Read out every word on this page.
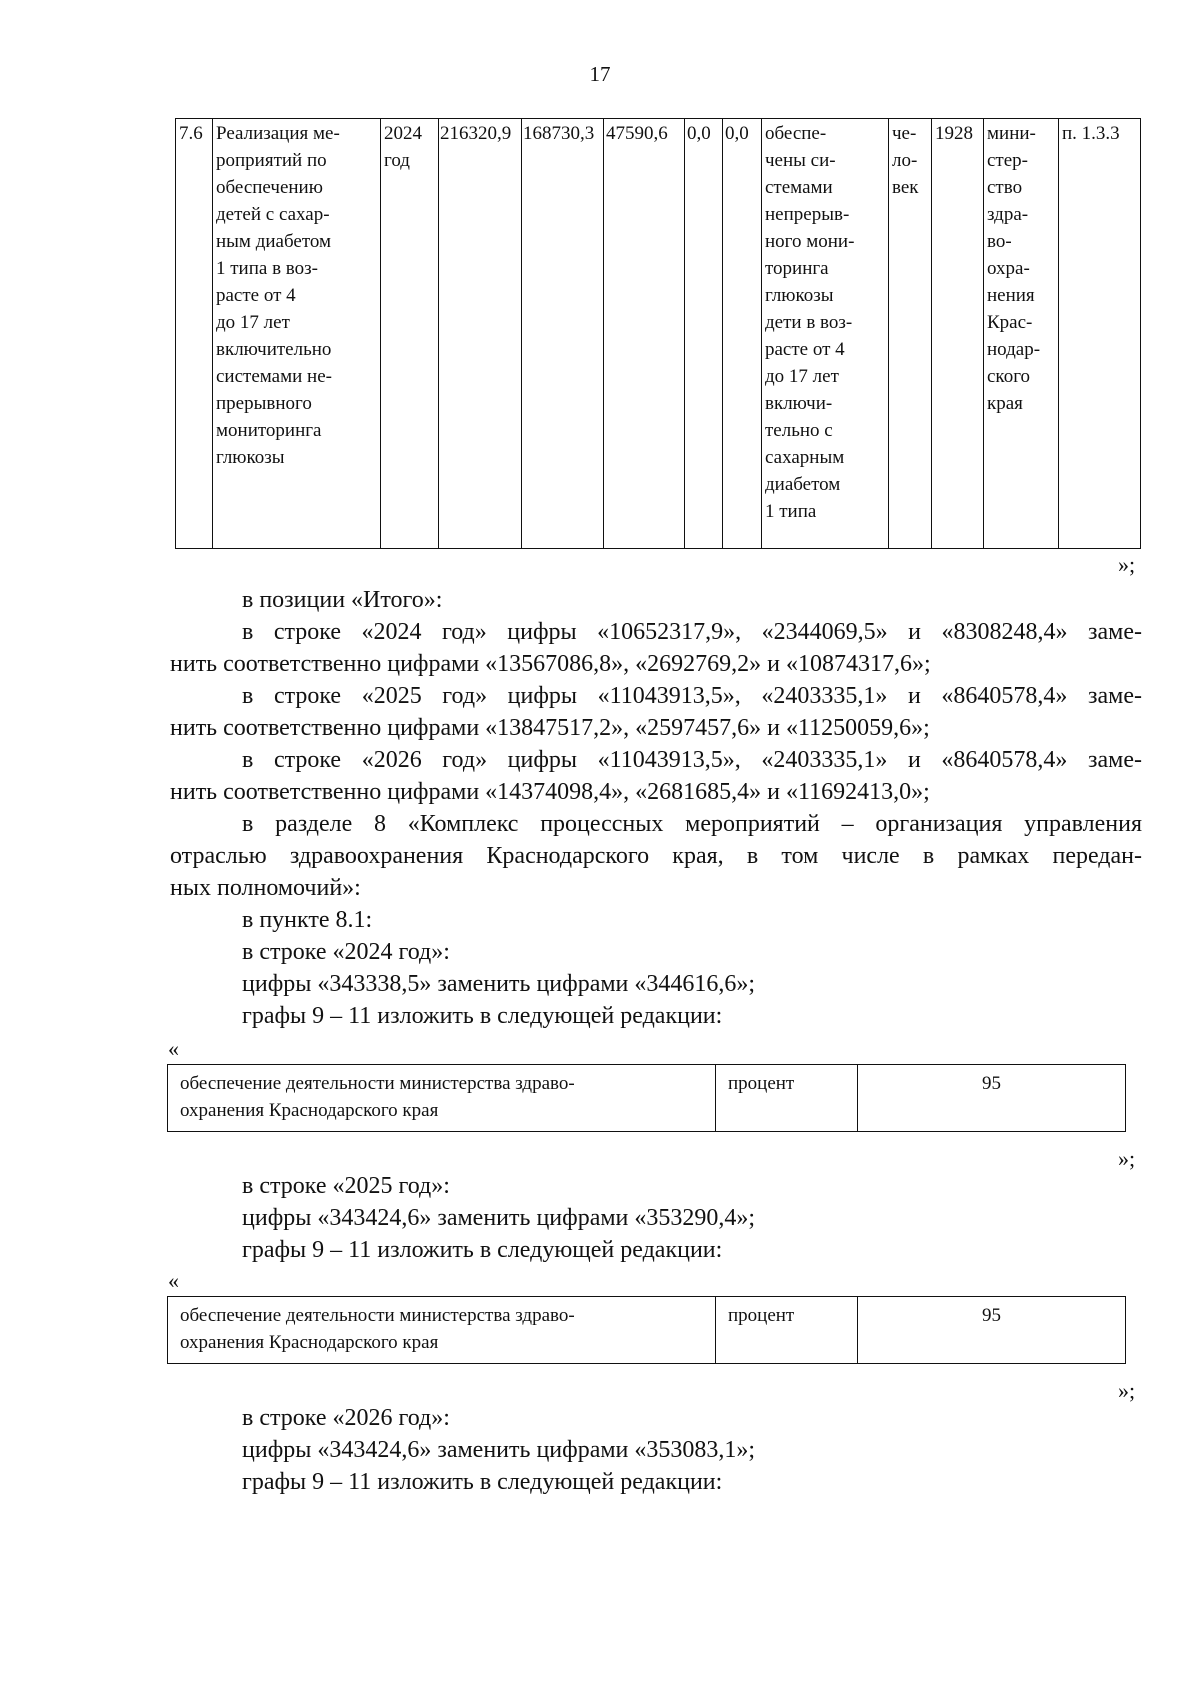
17
7.6	Реализация ме-
роприятий по
обеспечению
детей с сахар-
ным диабетом
1 типа в воз-
расте от 4
до 17 лет
включительно
системами не-
прерывного
мониторинга
глюкозы	2024
год	216320,9	168730,3	47590,6	0,0	0,0	обеспе-
чены си-
стемами
непрерыв-
ного мони-
торинга
глюкозы
дети в воз-
расте от 4
до 17 лет
включи-
тельно с
сахарным
диабетом
1 типа	че-
ло-
век	1928	мини-
стер-
ство
здра-
во-
охра-
нения
Крас-
нодар-
ского
края	п. 1.3.3
»;
в позиции «Итого»:
в строке «2024 год» цифры «10652317,9», «2344069,5» и «8308248,4» заме-
нить соответственно цифрами «13567086,8», «2692769,2» и «10874317,6»;
в строке «2025 год» цифры «11043913,5», «2403335,1» и «8640578,4» заме-
нить соответственно цифрами «13847517,2», «2597457,6» и «11250059,6»;
в строке «2026 год» цифры «11043913,5», «2403335,1» и «8640578,4» заме-
нить соответственно цифрами «14374098,4», «2681685,4» и «11692413,0»;
в разделе 8 «Комплекс процессных мероприятий – организация управления
отраслью здравоохранения Краснодарского края, в том числе в рамках передан-
ных полномочий»:
в пункте 8.1:
в строке «2024 год»:
цифры «343338,5» заменить цифрами «344616,6»;
графы 9 – 11 изложить в следующей редакции:
«
обеспечение деятельности министерства здраво-
охранения Краснодарского края	процент	95
»;
в строке «2025 год»:
цифры «343424,6» заменить цифрами «353290,4»;
графы 9 – 11 изложить в следующей редакции:
«
обеспечение деятельности министерства здраво-
охранения Краснодарского края	процент	95
»;
в строке «2026 год»:
цифры «343424,6» заменить цифрами «353083,1»;
графы 9 – 11 изложить в следующей редакции:
